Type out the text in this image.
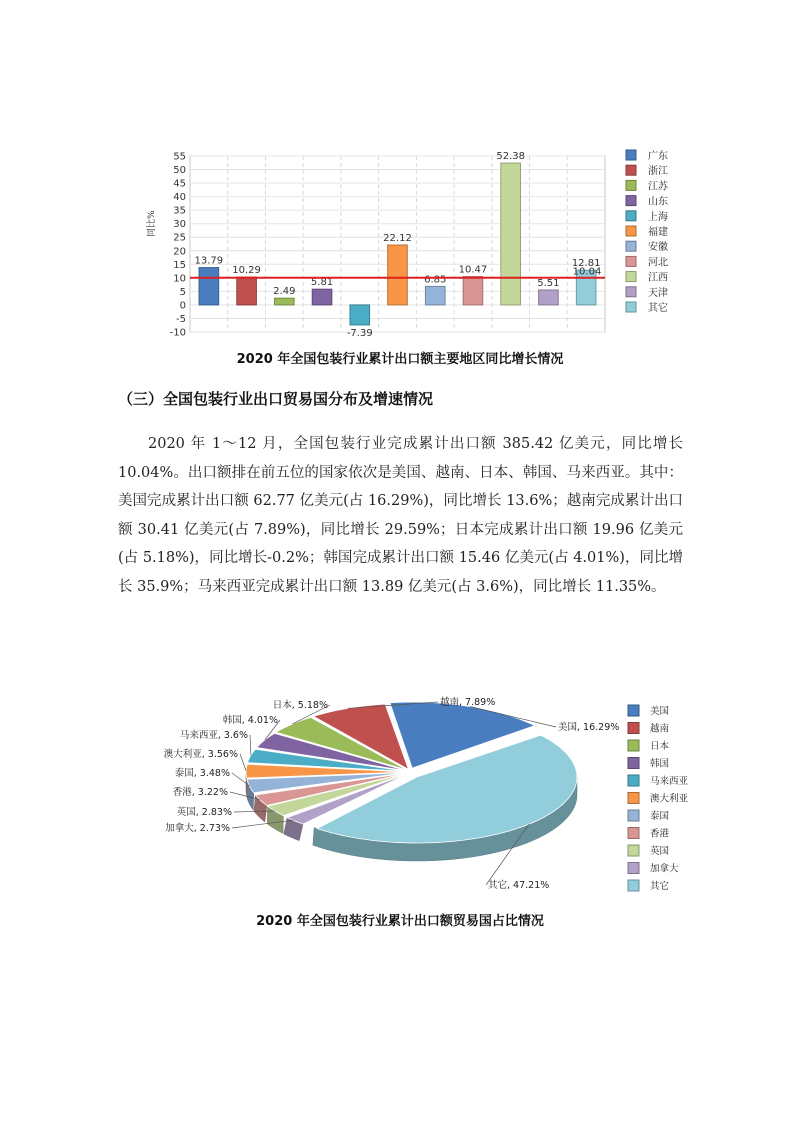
55
50
45
40
35
30
25
20
15
10
5
0
-5
-10
同比%
13.79
10.29
2.49
5.81
-7.39
22.12
6.85
10.47
52.38
5.51
12.81
10.04
广东
浙江
江苏
山东
上海
福建
安徽
河北
江西
天津
其它
2020 年全国包装行业累计出口额主要地区同比增长情况
（三）全国包装行业出口贸易国分布及增速情况
2020 年 1～12 月，全国包装行业完成累计出口额 385.42 亿美元，同比增长 10.04%。出口额排在前五位的国家依次是美国、越南、日本、韩国、马来西亚。其中：美国完成累计出口额 62.77 亿美元(占 16.29%)，同比增长 13.6%；越南完成累计出口额 30.41 亿美元(占 7.89%)，同比增长 29.59%；日本完成累计出口额 19.96 亿美元(占 5.18%)，同比增长-0.2%；韩国完成累计出口额 15.46 亿美元(占 4.01%)，同比增长 35.9%；马来西亚完成累计出口额 13.89 亿美元(占 3.6%)，同比增长 11.35%。
美国, 16.29%
越南, 7.89%
日本, 5.18%
韩国, 4.01%
马来西亚, 3.6%
澳大利亚, 3.56%
泰国, 3.48%
香港, 3.22%
英国, 2.83%
加拿大, 2.73%
其它, 47.21%
美国
越南
日本
韩国
马来西亚
澳大利亚
泰国
香港
英国
加拿大
其它
2020 年全国包装行业累计出口额贸易国占比情况
